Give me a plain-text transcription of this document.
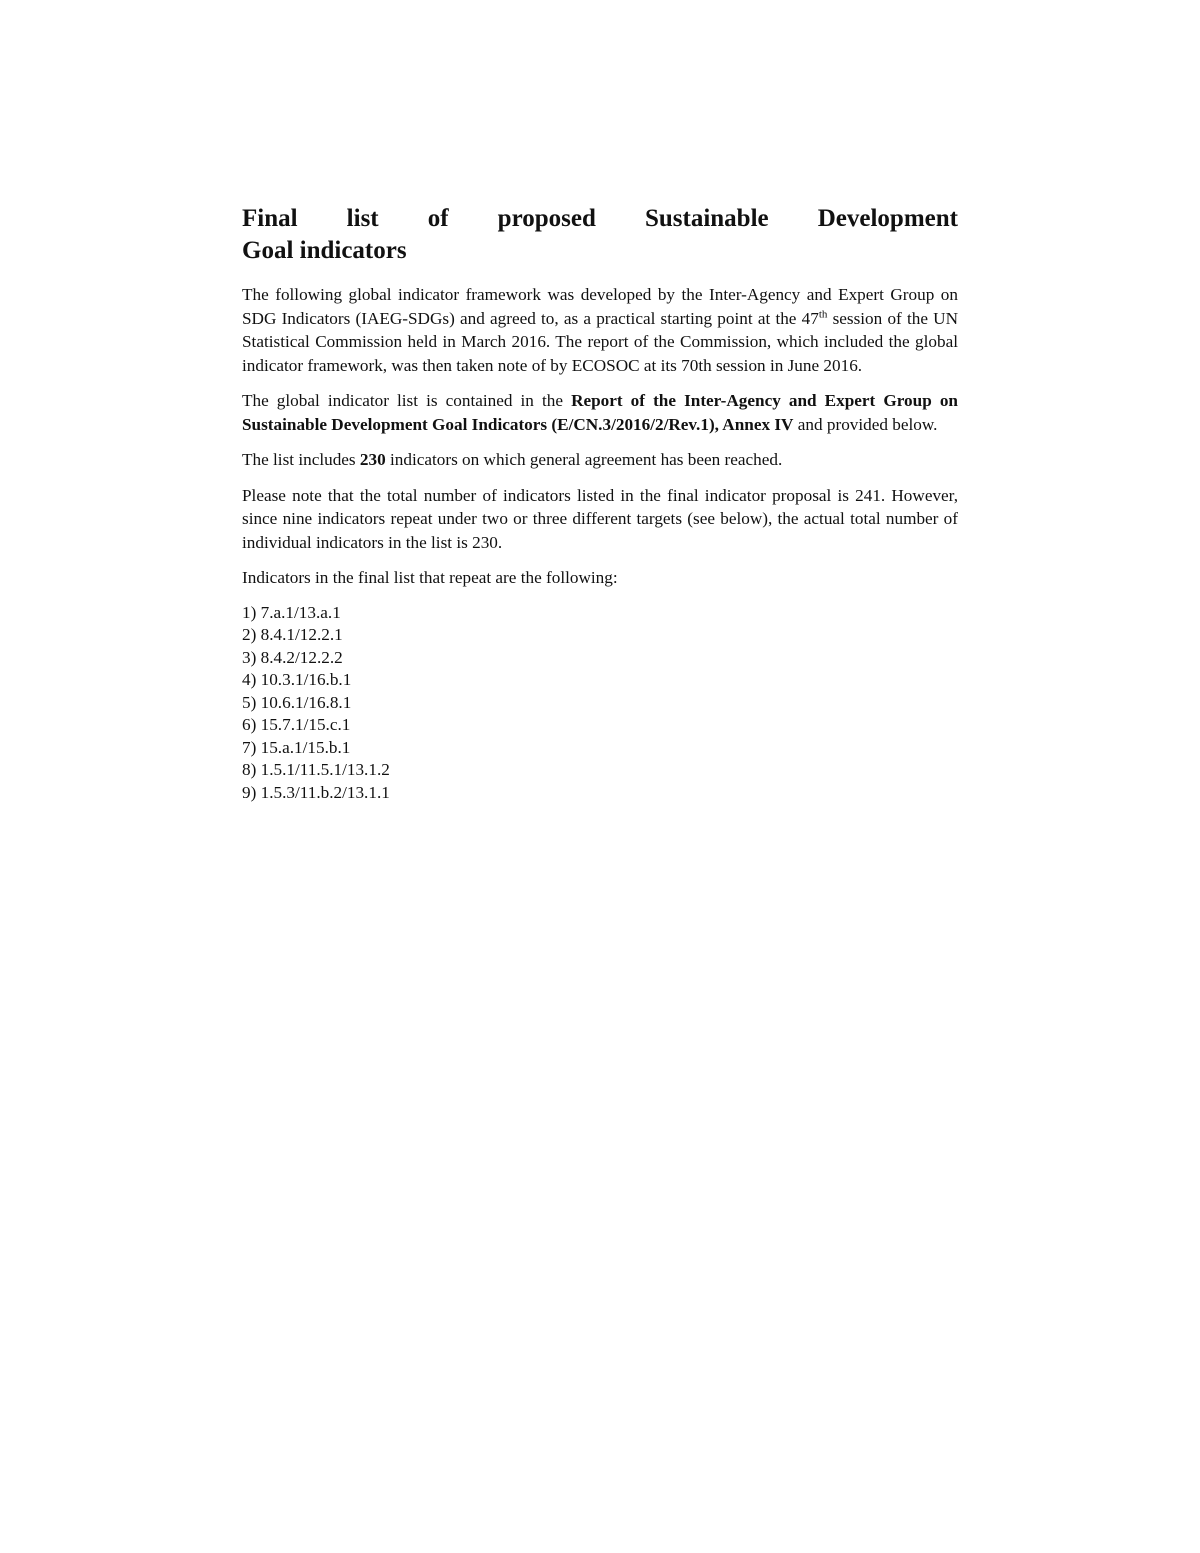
Final list of proposed Sustainable Development
Goal indicators

The following global indicator framework was developed by the Inter-Agency and Expert Group on SDG Indicators (IAEG-SDGs) and agreed to, as a practical starting point at the 47th session of the UN Statistical Commission held in March 2016. The report of the Commission, which included the global indicator framework, was then taken note of by ECOSOC at its 70th session in June 2016.

The global indicator list is contained in the Report of the Inter-Agency and Expert Group on Sustainable Development Goal Indicators (E/CN.3/2016/2/Rev.1), Annex IV and provided below.

The list includes 230 indicators on which general agreement has been reached.

Please note that the total number of indicators listed in the final indicator proposal is 241. However, since nine indicators repeat under two or three different targets (see below), the actual total number of individual indicators in the list is 230.

Indicators in the final list that repeat are the following:

1) 7.a.1/13.a.1
2) 8.4.1/12.2.1
3) 8.4.2/12.2.2
4) 10.3.1/16.b.1
5) 10.6.1/16.8.1
6) 15.7.1/15.c.1
7) 15.a.1/15.b.1
8) 1.5.1/11.5.1/13.1.2
9) 1.5.3/11.b.2/13.1.1
